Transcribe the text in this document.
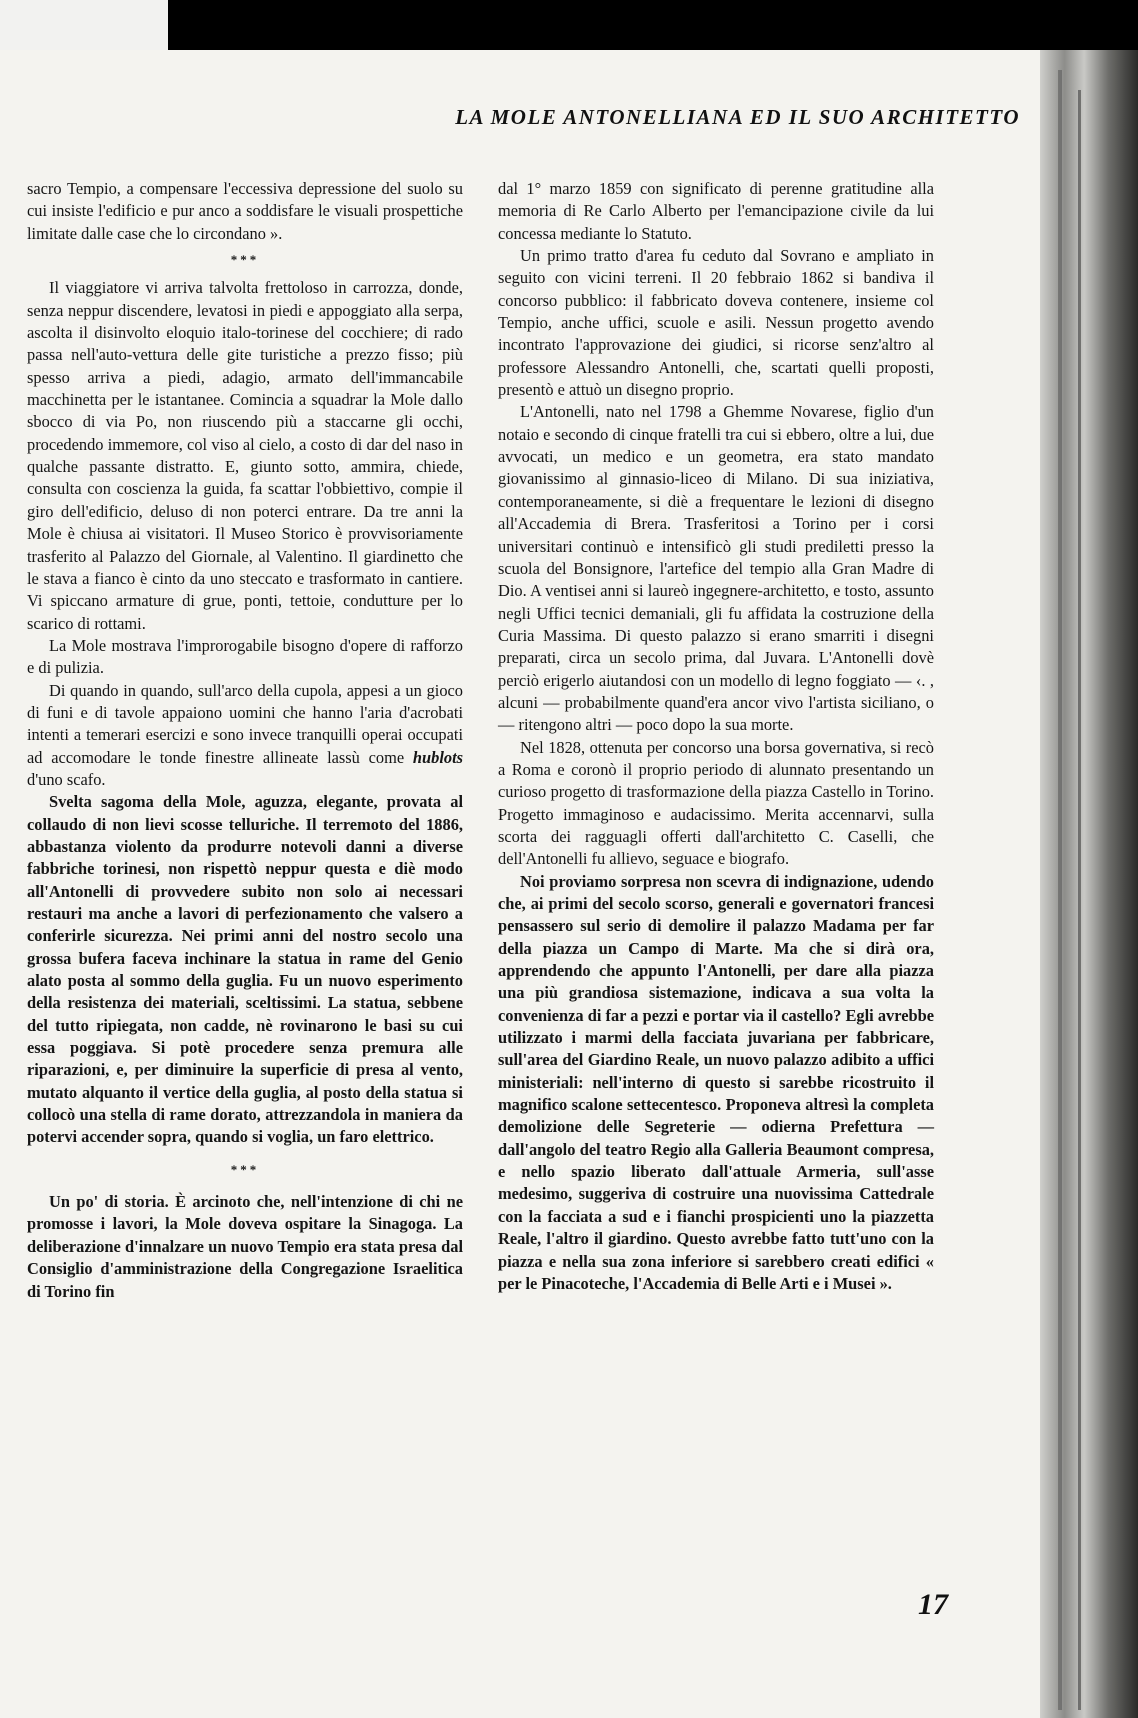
LA MOLE ANTONELLIANA ED IL SUO ARCHITETTO

sacro Tempio, a compensare l'eccessiva depressione del suolo su cui insiste l'edificio e pur anco a soddisfare le visuali prospettiche limitate dalle case che lo circondano ».

***

Il viaggiatore vi arriva talvolta frettoloso in carrozza, donde, senza neppur discendere, levatosi in piedi e appoggiato alla serpa, ascolta il disinvolto eloquio italo-torinese del cocchiere; di rado passa nell'auto-vettura delle gite turistiche a prezzo fisso; più spesso arriva a piedi, adagio, armato dell'immancabile macchinetta per le istantanee. Comincia a squadrar la Mole dallo sbocco di via Po, non riuscendo più a staccarne gli occhi, procedendo immemore, col viso al cielo, a costo di dar del naso in qualche passante distratto. E, giunto sotto, ammira, chiede, consulta con coscienza la guida, fa scattar l'obbiettivo, compie il giro dell'edificio, deluso di non poterci entrare. Da tre anni la Mole è chiusa ai visitatori. Il Museo Storico è provvisoriamente trasferito al Palazzo del Giornale, al Valentino. Il giardinetto che le stava a fianco è cinto da uno steccato e trasformato in cantiere. Vi spiccano armature di grue, ponti, tettoie, condutture per lo scarico di rottami.

La Mole mostrava l'improrogabile bisogno d'opere di rafforzo e di pulizia.

Di quando in quando, sull'arco della cupola, appesi a un gioco di funi e di tavole appaiono uomini che hanno l'aria d'acrobati intenti a temerari esercizi e sono invece tranquilli operai occupati ad accomodare le tonde finestre allineate lassù come hublots d'uno scafo.

Svelta sagoma della Mole, aguzza, elegante, provata al collaudo di non lievi scosse telluriche. Il terremoto del 1886, abbastanza violento da produrre notevoli danni a diverse fabbriche torinesi, non rispettò neppur questa e diè modo all'Antonelli di provvedere subito non solo ai necessari restauri ma anche a lavori di perfezionamento che valsero a conferirle sicurezza. Nei primi anni del nostro secolo una grossa bufera faceva inchinare la statua in rame del Genio alato posta al sommo della guglia. Fu un nuovo esperimento della resistenza dei materiali, sceltissimi. La statua, sebbene del tutto ripiegata, non cadde, nè rovinarono le basi su cui essa poggiava. Si potè procedere senza premura alle riparazioni, e, per diminuire la superficie di presa al vento, mutato alquanto il vertice della guglia, al posto della statua si collocò una stella di rame dorato, attrezzandola in maniera da potervi accender sopra, quando si voglia, un faro elettrico.

***

Un po' di storia. È arcinoto che, nell'intenzione di chi ne promosse i lavori, la Mole doveva ospitare la Sinagoga. La deliberazione d'innalzare un nuovo Tempio era stata presa dal Consiglio d'amministrazione della Congregazione Israelitica di Torino fin

dal 1° marzo 1859 con significato di perenne gratitudine alla memoria di Re Carlo Alberto per l'emancipazione civile da lui concessa mediante lo Statuto.

Un primo tratto d'area fu ceduto dal Sovrano e ampliato in seguito con vicini terreni. Il 20 febbraio 1862 si bandiva il concorso pubblico: il fabbricato doveva contenere, insieme col Tempio, anche uffici, scuole e asili. Nessun progetto avendo incontrato l'approvazione dei giudici, si ricorse senz'altro al professore Alessandro Antonelli, che, scartati quelli proposti, presentò e attuò un disegno proprio.

L'Antonelli, nato nel 1798 a Ghemme Novarese, figlio d'un notaio e secondo di cinque fratelli tra cui si ebbero, oltre a lui, due avvocati, un medico e un geometra, era stato mandato giovanissimo al ginnasio-liceo di Milano. Di sua iniziativa, contemporaneamente, si diè a frequentare le lezioni di disegno all'Accademia di Brera. Trasferitosi a Torino per i corsi universitari continuò e intensificò gli studi prediletti presso la scuola del Bonsignore, l'artefice del tempio alla Gran Madre di Dio. A ventisei anni si laureò ingegnere-architetto, e tosto, assunto negli Uffici tecnici demaniali, gli fu affidata la costruzione della Curia Massima. Di questo palazzo si erano smarriti i disegni preparati, circa un secolo prima, dal Juvara. L'Antonelli dovè perciò erigerlo aiutandosi con un modello di legno foggiato — ‹. , alcuni — probabilmente quand'era ancor vivo l'artista siciliano, o — ritengono altri — poco dopo la sua morte.

Nel 1828, ottenuta per concorso una borsa governativa, si recò a Roma e coronò il proprio periodo di alunnato presentando un curioso progetto di trasformazione della piazza Castello in Torino. Progetto immaginoso e audacissimo. Merita accennarvi, sulla scorta dei ragguagli offerti dall'architetto C. Caselli, che dell'Antonelli fu allievo, seguace e biografo.

Noi proviamo sorpresa non scevra di indignazione, udendo che, ai primi del secolo scorso, generali e governatori francesi pensassero sul serio di demolire il palazzo Madama per far della piazza un Campo di Marte. Ma che si dirà ora, apprendendo che appunto l'Antonelli, per dare alla piazza una più grandiosa sistemazione, indicava a sua volta la convenienza di far a pezzi e portar via il castello? Egli avrebbe utilizzato i marmi della facciata juvariana per fabbricare, sull'area del Giardino Reale, un nuovo palazzo adibito a uffici ministeriali: nell'interno di questo si sarebbe ricostruito il magnifico scalone settecentesco. Proponeva altresì la completa demolizione delle Segreterie — odierna Prefettura — dall'angolo del teatro Regio alla Galleria Beaumont compresa, e nello spazio liberato dall'attuale Armeria, sull'asse medesimo, suggeriva di costruire una nuovissima Cattedrale con la facciata a sud e i fianchi prospicienti uno la piazzetta Reale, l'altro il giardino. Questo avrebbe fatto tutt'uno con la piazza e nella sua zona inferiore si sarebbero creati edifici « per le Pinacoteche, l'Accademia di Belle Arti e i Musei ».

17
